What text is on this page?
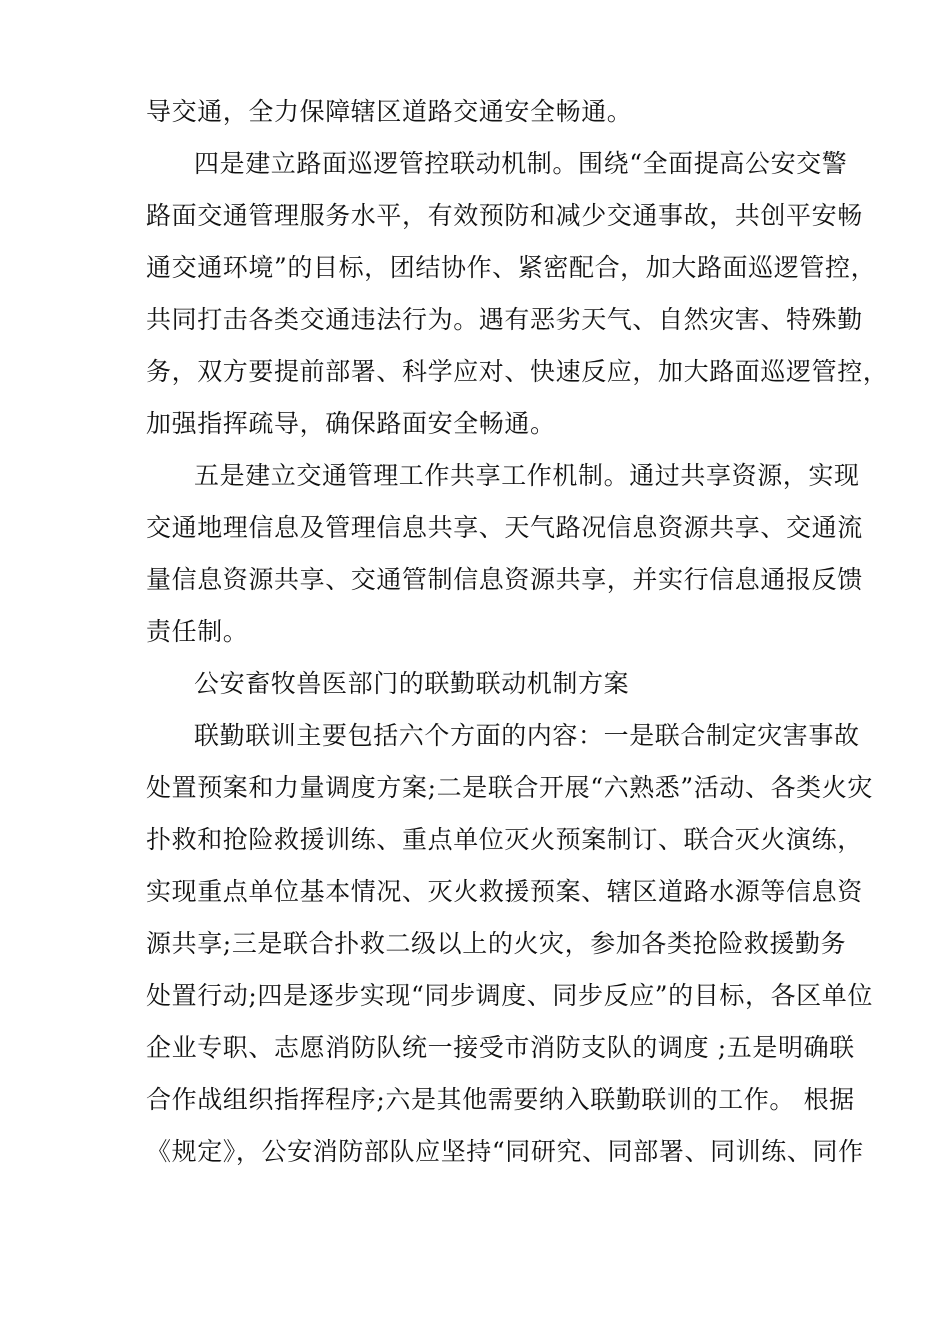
导交通，全力保障辖区道路交通安全畅通。
四是建立路面巡逻管控联动机制。围绕“全面提高公安交警
路面交通管理服务水平，有效预防和减少交通事故，共创平安畅
通交通环境”的目标，团结协作、紧密配合，加大路面巡逻管控，
共同打击各类交通违法行为。遇有恶劣天气、自然灾害、特殊勤
务，双方要提前部署、科学应对、快速反应，加大路面巡逻管控，
加强指挥疏导，确保路面安全畅通。
五是建立交通管理工作共享工作机制。通过共享资源，实现
交通地理信息及管理信息共享、天气路况信息资源共享、交通流
量信息资源共享、交通管制信息资源共享，并实行信息通报反馈
责任制。
公安畜牧兽医部门的联勤联动机制方案
联勤联训主要包括六个方面的内容：一是联合制定灾害事故
处置预案和力量调度方案;二是联合开展“六熟悉”活动、各类火灾
扑救和抢险救援训练、重点单位灭火预案制订、联合灭火演练，
实现重点单位基本情况、灭火救援预案、辖区道路水源等信息资
源共享;三是联合扑救二级以上的火灾，参加各类抢险救援勤务
处置行动;四是逐步实现“同步调度、同步反应”的目标，各区单位
企业专职、志愿消防队统一接受市消防支队的调度 ;五是明确联
合作战组织指挥程序;六是其他需要纳入联勤联训的工作。 根据
《规定》，公安消防部队应坚持“同研究、同部署、同训练、同作
